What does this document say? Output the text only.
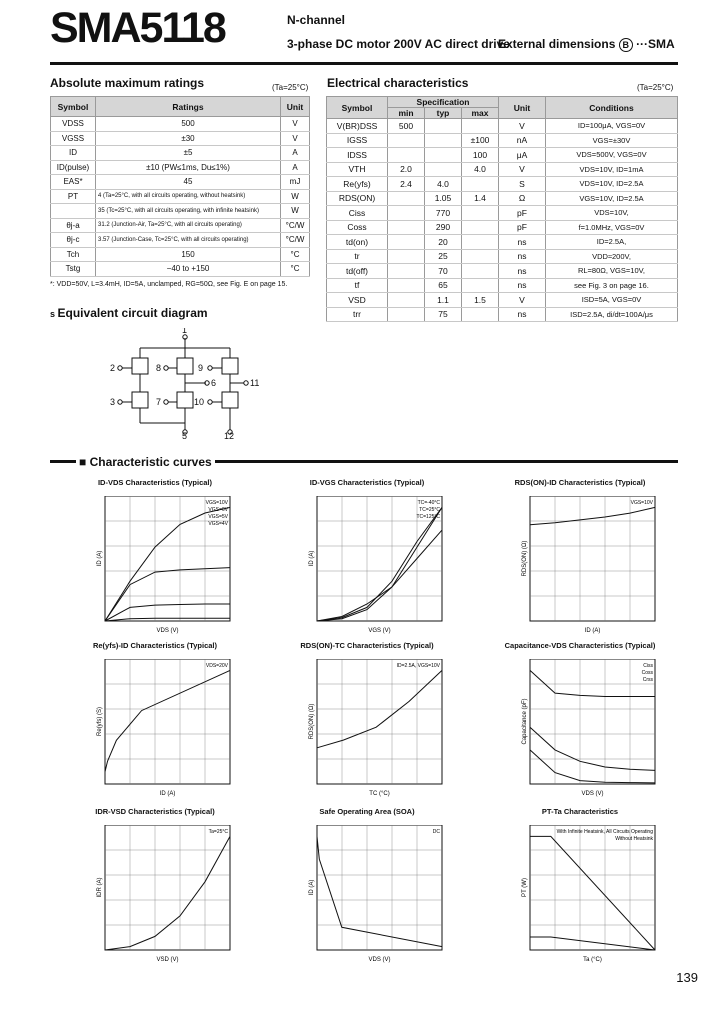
SMA5118	N-channel
3-phase DC motor 200V AC direct drive
External dimensions B ···SMA
Absolute maximum ratings	(Ta=25°C)
Symbol	Ratings	Unit
VDSS	500	V
VGSS	±30	V
ID	±5	A
ID(pulse)	±10 (PW≤1ms, Du≤1%)	A
EAS*	45	mJ
PT	4 (Ta=25°C, with all circuits operating, without heatsink)	W
	35 (Tc=25°C, with all circuits operating, with infinite heatsink)	W
θj-a	31.2 (Junction-Air, Ta=25°C, with all circuits operating)	°C/W
θj-c	3.57 (Junction-Case, Tc=25°C, with all circuits operating)	°C/W
Tch	150	°C
Tstg	−40 to +150	°C
*: VDD=50V, L=3.4mH, ID=5A, unclamped, RG=50Ω, see Fig. E on page 15.
Electrical characteristics	(Ta=25°C)
Symbol	Specification			Unit	Conditions
	min	typ	max		
V(BR)DSS	500			V	ID=100μA, VGS=0V
IGSS			±100	nA	VGS=±30V
IDSS			100	μA	VDS=500V, VGS=0V
VTH	2.0		4.0	V	VDS=10V, ID=1mA
Re(yfs)	2.4	4.0		S	VDS=10V, ID=2.5A
RDS(ON)		1.05	1.4	Ω	VGS=10V, ID=2.5A
Ciss		770		pF	VDS=10V,
Coss		290		pF	f=1.0MHz, VGS=0V
td(on)		20		ns	ID=2.5A,
tr		25		ns	VDD≈200V,
td(off)		70		ns	RL=80Ω, VGS=10V,
tf		65		ns	see Fig. 3 on page 16.
VSD		1.1	1.5	V	ISD=5A, VGS=0V
trr		75		ns	ISD=2.5A, di/dt=100A/μs
s Equivalent circuit diagram
1
2
3
8
7
9
10
6	11
5	12
■ Characteristic curves
ID-VDS Characteristics (Typical)	ID-VGS Characteristics (Typical)	RDS(ON)-ID Characteristics (Typical)
Re(yfs)-ID Characteristics (Typical)	RDS(ON)-TC Characteristics (Typical)	Capacitance-VDS Characteristics (Typical)
IDR-VSD Characteristics (Typical)	Safe Operating Area (SOA)	PT-Ta Characteristics
VDS (V)
ID (A)
VGS=10V
VGS=6V
VGS=5V
VGS=4V
VGS (V)
ID (A)
TC=-40°C
TC=25°C
TC=125°C
ID (A)
RDS(ON) (Ω)
VGS=10V
ID (A)
Re(yfs) (S)
VDS=20V
TC (°C)
RDS(ON) (Ω)
ID=2.5A, VGS=10V
VDS (V)
Capacitance (pF)
Ciss
Coss
Crss
VSD (V)
IDR (A)
Ta=25°C
VDS (V)
ID (A)
DC
Ta (°C)
PT (W)
With Infinite Heatsink, All Circuits Operating
Without Heatsink
139
